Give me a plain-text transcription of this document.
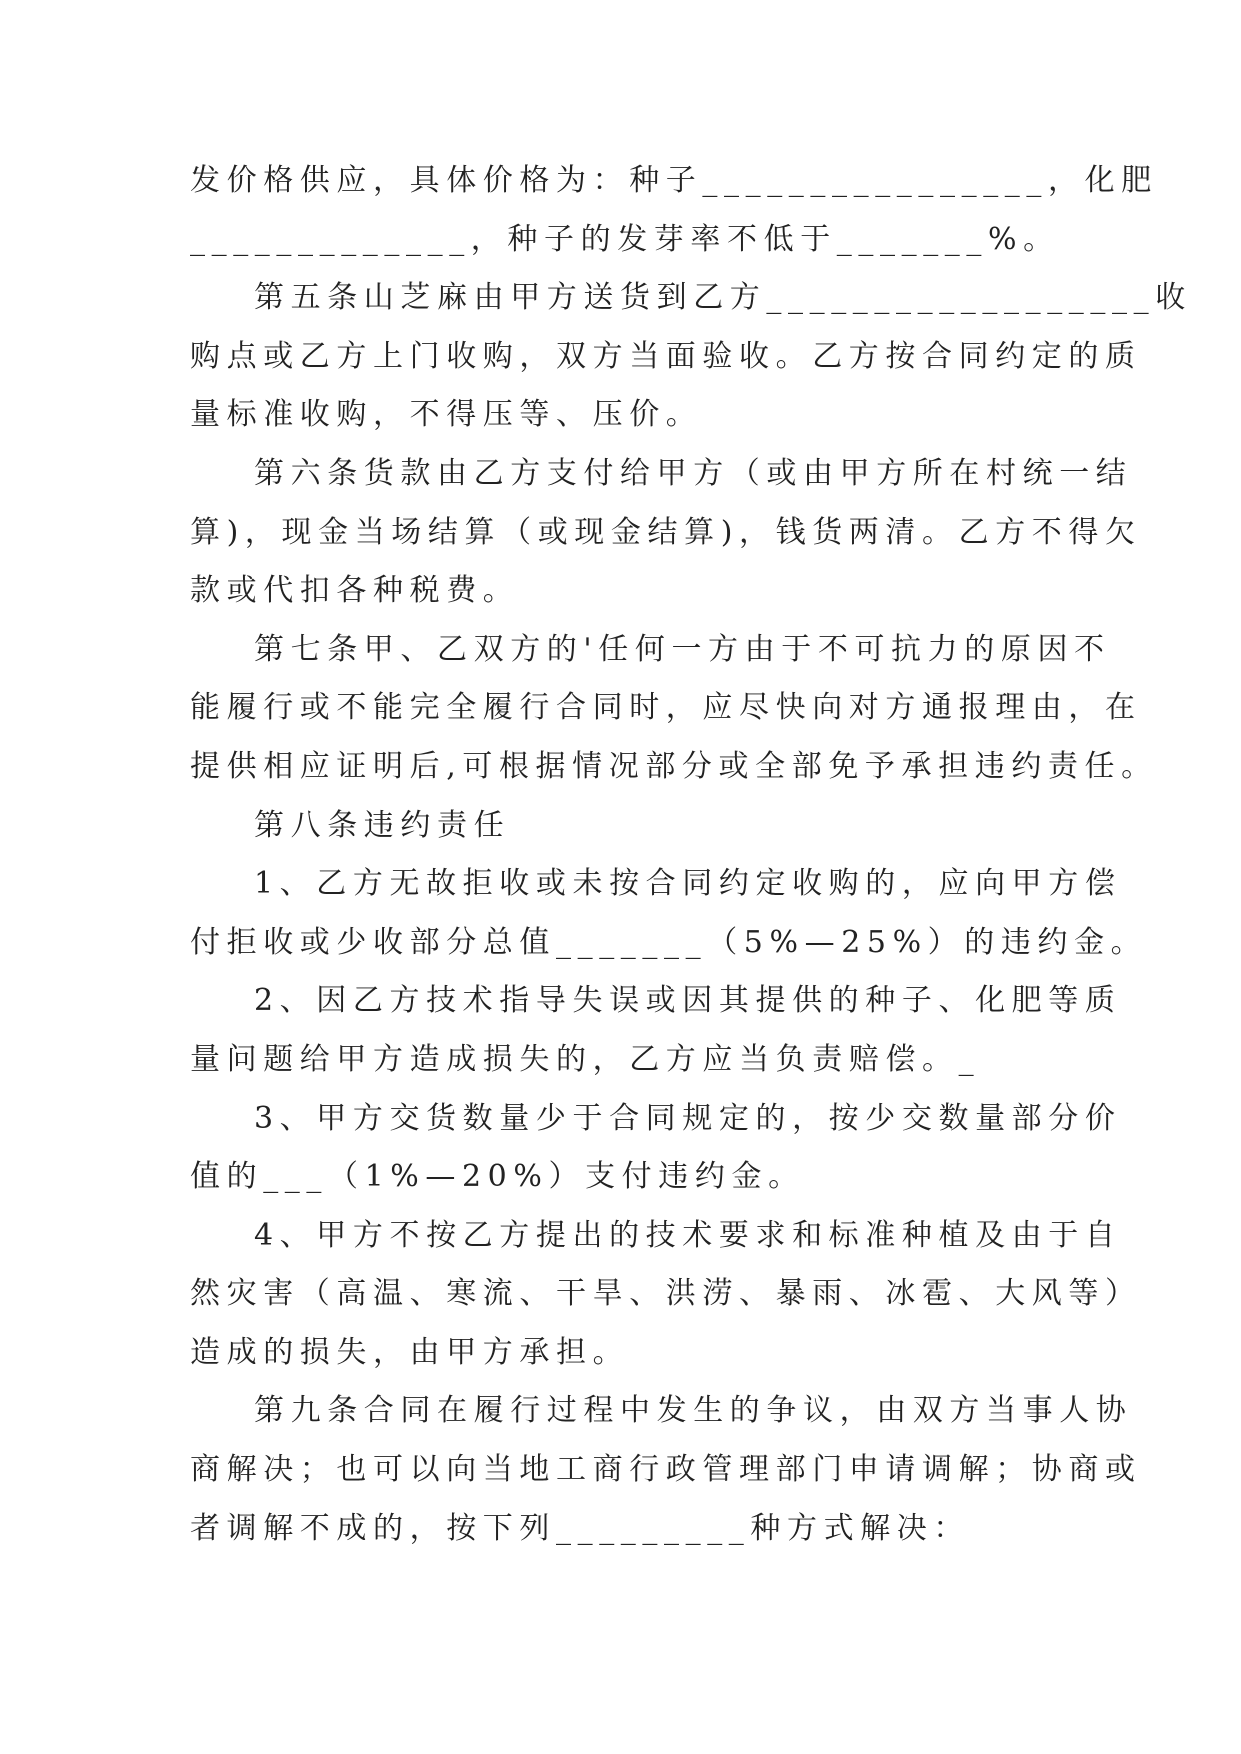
发价格供应，具体价格为：种子________________，化肥
_____________，种子的发芽率不低于_______%。
第五条山芝麻由甲方送货到乙方__________________收
购点或乙方上门收购，双方当面验收。乙方按合同约定的质
量标准收购，不得压等、压价。
第六条货款由乙方支付给甲方（或由甲方所在村统一结
算)，现金当场结算（或现金结算)，钱货两清。乙方不得欠
款或代扣各种税费。
第七条甲、乙双方的'任何一方由于不可抗力的原因不
能履行或不能完全履行合同时，应尽快向对方通报理由，在
提供相应证明后,可根据情况部分或全部免予承担违约责任。
第八条违约责任
1、乙方无故拒收或未按合同约定收购的，应向甲方偿
付拒收或少收部分总值_______（5%—25%）的违约金。
2、因乙方技术指导失误或因其提供的种子、化肥等质
量问题给甲方造成损失的，乙方应当负责赔偿。_
3、甲方交货数量少于合同规定的，按少交数量部分价
值的___（1%—20%）支付违约金。
4、甲方不按乙方提出的技术要求和标准种植及由于自
然灾害（高温、寒流、干旱、洪涝、暴雨、冰雹、大风等）
造成的损失，由甲方承担。
第九条合同在履行过程中发生的争议，由双方当事人协
商解决；也可以向当地工商行政管理部门申请调解；协商或
者调解不成的，按下列_________种方式解决：
